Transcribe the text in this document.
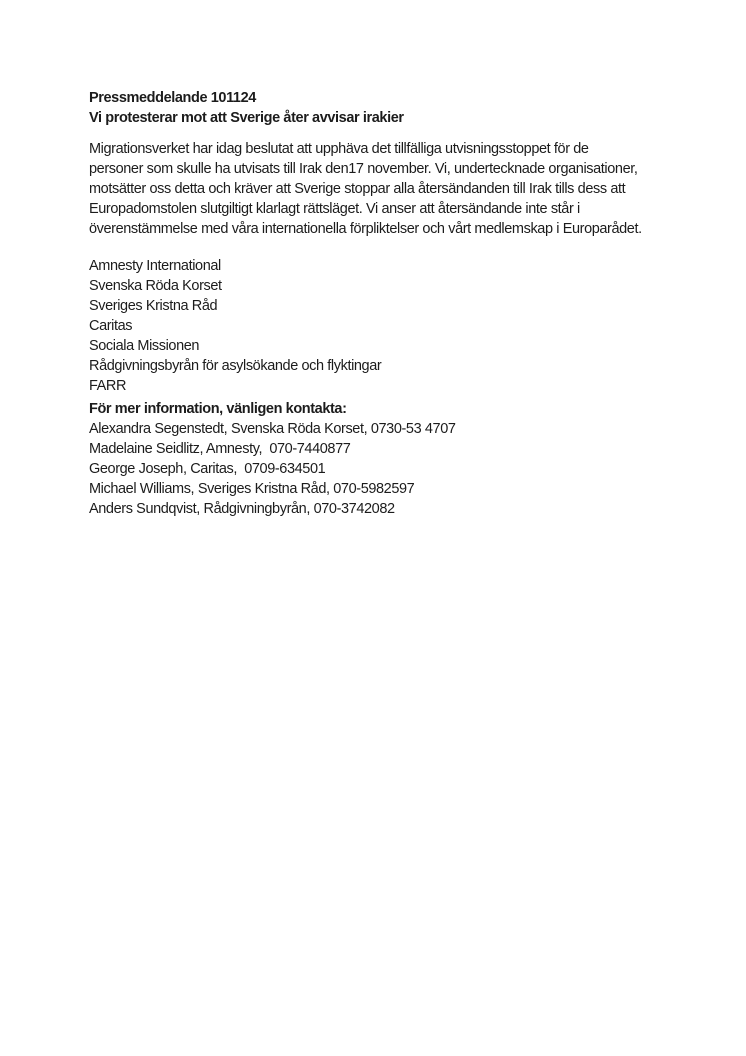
Pressmeddelande 101124
Vi protesterar mot att Sverige åter avvisar irakier
Migrationsverket har idag beslutat att upphäva det tillfälliga utvisningsstoppet för de
personer som skulle ha utvisats till Irak den17 november. Vi, undertecknade organisationer,
motsätter oss detta och kräver att Sverige stoppar alla återsändanden till Irak tills dess att
Europadomstolen slutgiltigt klarlagt rättsläget. Vi anser att återsändande inte står i
överenstämmelse med våra internationella förpliktelser och vårt medlemskap i Europarådet.
Amnesty International
Svenska Röda Korset
Sveriges Kristna Råd
Caritas
Sociala Missionen
Rådgivningsbyrån för asylsökande och flyktingar
FARR
För mer information, vänligen kontakta:
Alexandra Segenstedt, Svenska Röda Korset, 0730-53 4707
Madelaine Seidlitz, Amnesty,  070-7440877
George Joseph, Caritas,  0709-634501
Michael Williams, Sveriges Kristna Råd, 070-5982597
Anders Sundqvist, Rådgivningbyrån, 070-3742082
